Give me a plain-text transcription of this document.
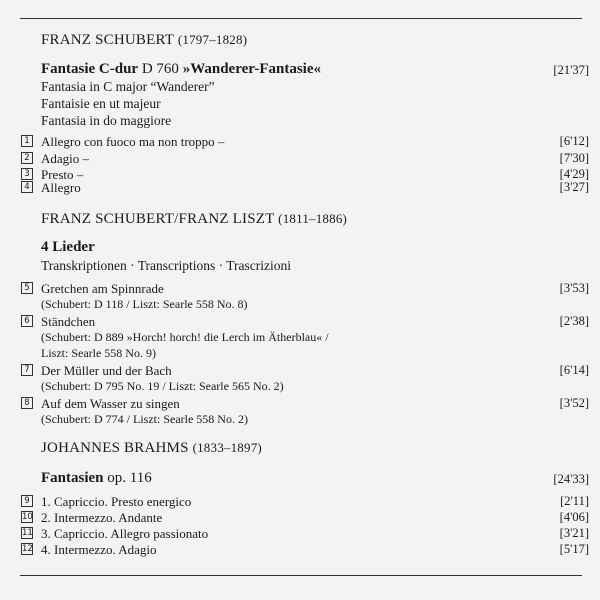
FRANZ SCHUBERT (1797–1828)
Fantasie C-dur D 760 »Wanderer-Fantasie«	[21'37]
Fantasia in C major “Wanderer”
Fantaisie en ut majeur
Fantasia in do maggiore
1 Allegro con fuoco ma non troppo –	[6'12]
2 Adagio –	[7'30]
3 Presto –	[4'29]
4 Allegro	[3'27]
FRANZ SCHUBERT/FRANZ LISZT (1811–1886)
4 Lieder
Transkriptionen · Transcriptions · Trascrizioni
5 Gretchen am Spinnrade	[3'53]
(Schubert: D 118 / Liszt: Searle 558 No. 8)
6 Ständchen	[2'38]
(Schubert: D 889 »Horch! horch! die Lerch im Ätherblau« /
Liszt: Searle 558 No. 9)
7 Der Müller und der Bach	[6'14]
(Schubert: D 795 No. 19 / Liszt: Searle 565 No. 2)
8 Auf dem Wasser zu singen	[3'52]
(Schubert: D 774 / Liszt: Searle 558 No. 2)
JOHANNES BRAHMS (1833–1897)
Fantasien op. 116	[24'33]
9 1. Capriccio. Presto energico	[2'11]
10 2. Intermezzo. Andante	[4'06]
11 3. Capriccio. Allegro passionato	[3'21]
12 4. Intermezzo. Adagio	[5'17]
